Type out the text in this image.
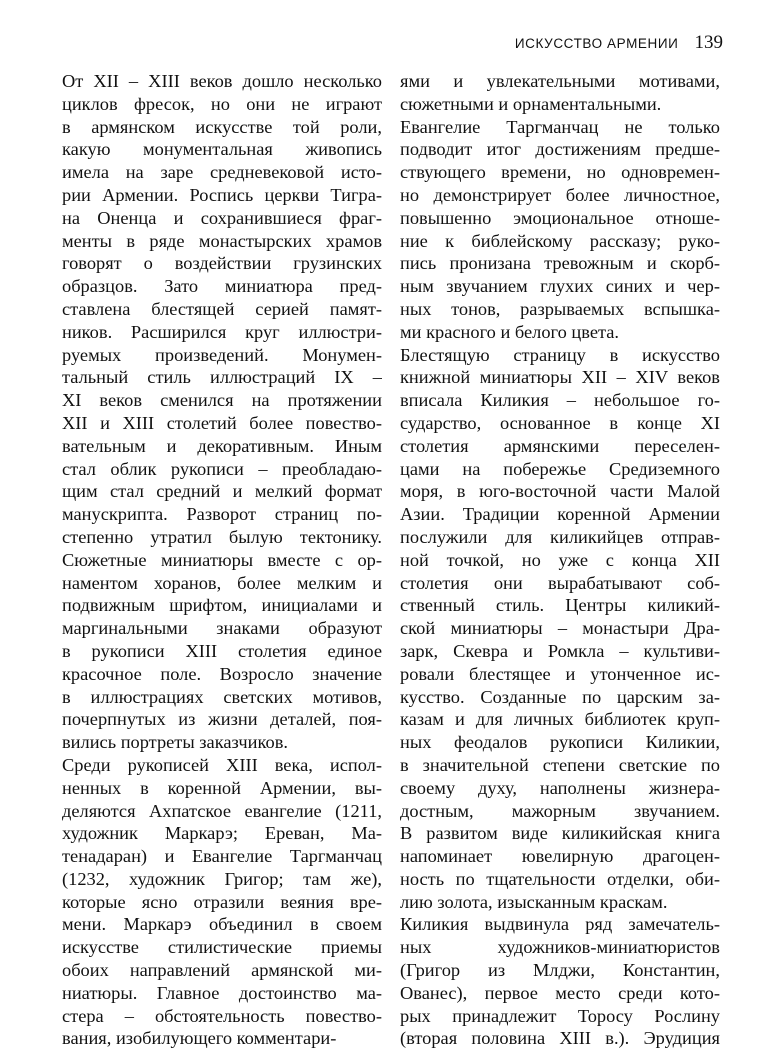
ИСКУССТВО АРМЕНИИ 139
От XII – XIII веков дошло несколько
циклов фресок, но они не играют
в армянском искусстве той роли,
какую монументальная живопись
имела на заре средневековой исто-
рии Армении. Роспись церкви Тигра-
на Оненца и сохранившиеся фраг-
менты в ряде монастырских храмов
говорят о воздействии грузинских
образцов. Зато миниатюра пред-
ставлена блестящей серией памят-
ников. Расширился круг иллюстри-
руемых произведений. Монумен-
тальный стиль иллюстраций IX –
XI веков сменился на протяжении
XII и XIII столетий более повество-
вательным и декоративным. Иным
стал облик рукописи – преобладаю-
щим стал средний и мелкий формат
манускрипта. Разворот страниц по-
степенно утратил былую тектонику.
Сюжетные миниатюры вместе с ор-
наментом хоранов, более мелким и
подвижным шрифтом, инициалами и
маргинальными знаками образуют
в рукописи XIII столетия единое
красочное поле. Возросло значение
в иллюстрациях светских мотивов,
почерпнутых из жизни деталей, поя-
вились портреты заказчиков.
Среди рукописей XIII века, испол-
ненных в коренной Армении, вы-
деляются Ахпатское евангелие (1211,
художник Маркарэ; Ереван, Ма-
тенадаран) и Евангелие Таргманчац
(1232, художник Григор; там же),
которые ясно отразили веяния вре-
мени. Маркарэ объединил в своем
искусстве стилистические приемы
обоих направлений армянской ми-
ниатюры. Главное достоинство ма-
стера – обстоятельность повество-
вания, изобилующего комментари-
ями и увлекательными мотивами,
сюжетными и орнаментальными.
Евангелие Таргманчац не только
подводит итог достижениям предше-
ствующего времени, но одновремен-
но демонстрирует более личностное,
повышенно эмоциональное отноше-
ние к библейскому рассказу; руко-
пись пронизана тревожным и скорб-
ным звучанием глухих синих и чер-
ных тонов, разрываемых вспышка-
ми красного и белого цвета.
Блестящую страницу в искусство
книжной миниатюры XII – XIV веков
вписала Киликия – небольшое го-
сударство, основанное в конце XI
столетия армянскими переселен-
цами на побережье Средиземного
моря, в юго-восточной части Малой
Азии. Традиции коренной Армении
послужили для киликийцев отправ-
ной точкой, но уже с конца XII
столетия они вырабатывают соб-
ственный стиль. Центры киликий-
ской миниатюры – монастыри Дра-
зарк, Скевра и Ромкла – культиви-
ровали блестящее и утонченное ис-
кусство. Созданные по царским за-
казам и для личных библиотек круп-
ных феодалов рукописи Киликии,
в значительной степени светские по
своему духу, наполнены жизнера-
достным, мажорным звучанием.
В развитом виде киликийская книга
напоминает ювелирную драгоцен-
ность по тщательности отделки, оби-
лию золота, изысканным краскам.
Киликия выдвинула ряд замечатель-
ных художников-миниатюристов
(Григор из Млджи, Константин,
Ованес), первое место среди кото-
рых принадлежит Торосу Рослину
(вторая половина XIII в.). Эрудиция
